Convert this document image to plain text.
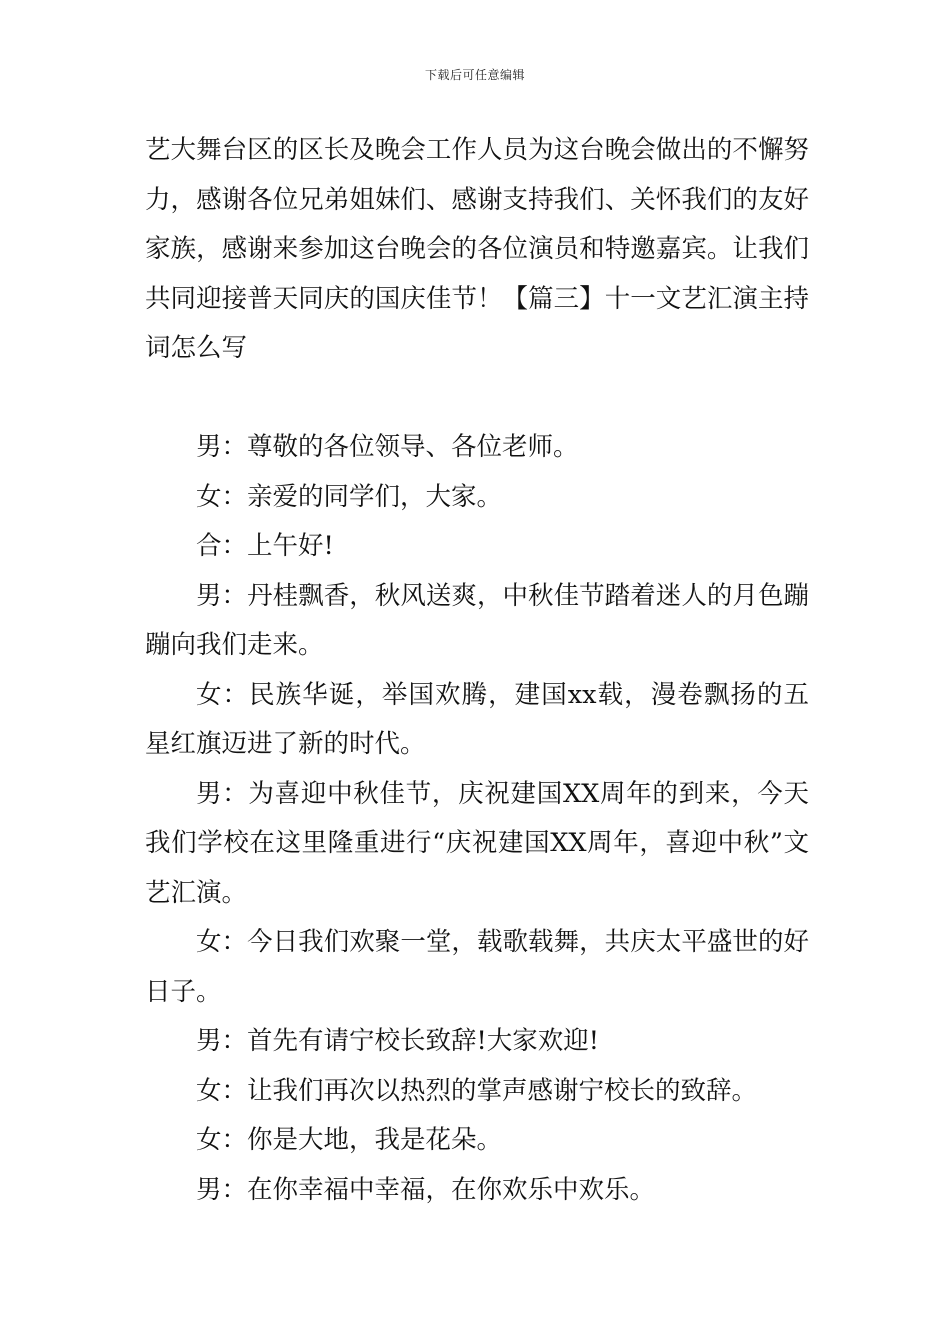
下载后可任意编辑

艺大舞台区的区长及晚会工作人员为这台晚会做出的不懈努力，感谢各位兄弟姐妹们、感谢支持我们、关怀我们的友好家族，感谢来参加这台晚会的各位演员和特邀嘉宾。让我们共同迎接普天同庆的国庆佳节！【篇三】十一文艺汇演主持词怎么写

男：尊敬的各位领导、各位老师。

女：亲爱的同学们，大家。

合：上午好!

男：丹桂飘香，秋风送爽，中秋佳节踏着迷人的月色蹦蹦向我们走来。

女：民族华诞，举国欢腾，建国xx载，漫卷飘扬的五星红旗迈进了新的时代。

男：为喜迎中秋佳节，庆祝建国XX周年的到来，今天我们学校在这里隆重进行“庆祝建国XX周年，喜迎中秋”文艺汇演。

女：今日我们欢聚一堂，载歌载舞，共庆太平盛世的好日子。

男：首先有请宁校长致辞!大家欢迎!

女：让我们再次以热烈的掌声感谢宁校长的致辞。

女：你是大地，我是花朵。

男：在你幸福中幸福，在你欢乐中欢乐。
